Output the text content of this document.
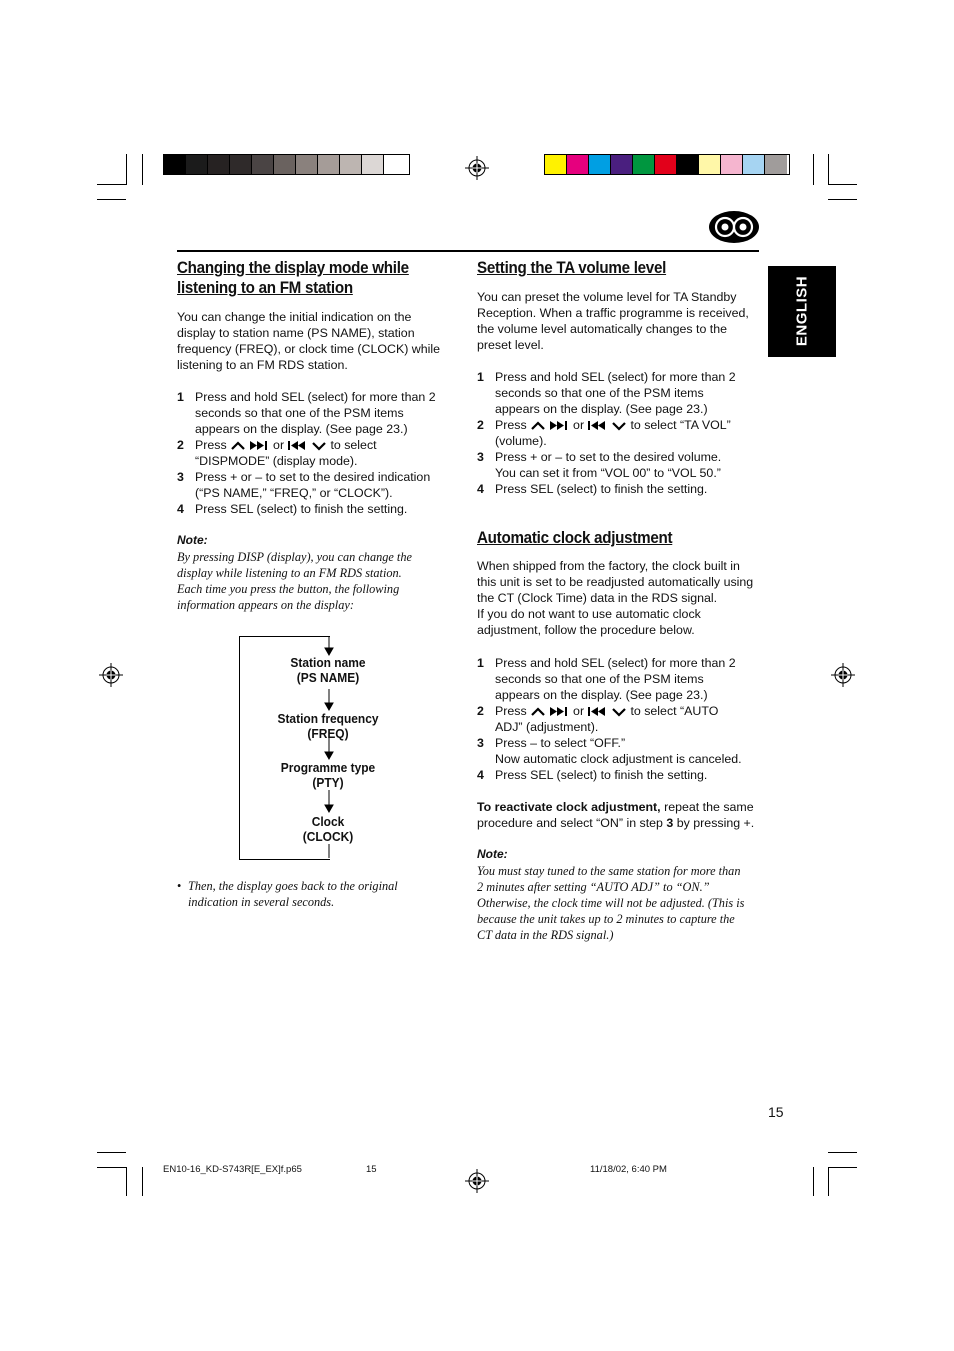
ENGLISH
Changing the display mode while
listening to an FM station

You can change the initial indication on the
display to station name (PS NAME), station
frequency (FREQ), or clock time (CLOCK) while
listening to an FM RDS station.

1 Press and hold SEL (select) for more than 2
seconds so that one of the PSM items
appears on the display. (See page 23.)
2 Press	or	to select
“DISPMODE” (display mode).
3 Press + or – to set to the desired indication
(“PS NAME,” “FREQ,” or “CLOCK”).
4 Press SEL (select) to finish the setting.
Note:
By pressing DISP (display), you can change the
display while listening to an FM RDS station.
Each time you press the button, the following
information appears on the display:
Station name
(PS NAME)
Station frequency
(FREQ)
Programme type
(PTY)
Clock
(CLOCK)
• Then, the display goes back to the original
indication in several seconds.
Setting the TA volume level

You can preset the volume level for TA Standby
Reception. When a traffic programme is received,
the volume level automatically changes to the
preset level.

1 Press and hold SEL (select) for more than 2
seconds so that one of the PSM items
appears on the display. (See page 23.)
2 Press	or	to select “TA VOL”
(volume).
3 Press + or – to set to the desired volume.
You can set it from “VOL 00” to “VOL 50.”
4 Press SEL (select) to finish the setting.
Automatic clock adjustment

When shipped from the factory, the clock built in
this unit is set to be readjusted automatically using
the CT (Clock Time) data in the RDS signal.
If you do not want to use automatic clock
adjustment, follow the procedure below.

1 Press and hold SEL (select) for more than 2
seconds so that one of the PSM items
appears on the display. (See page 23.)
2 Press	or	to select “AUTO
ADJ” (adjustment).
3 Press – to select “OFF.”
Now automatic clock adjustment is canceled.
4 Press SEL (select) to finish the setting.

To reactivate clock adjustment, repeat the same
procedure and select “ON” in step 3 by pressing +.

Note:
You must stay tuned to the same station for more than
2 minutes after setting “AUTO ADJ” to “ON.”
Otherwise, the clock time will not be adjusted. (This is
because the unit takes up to 2 minutes to capture the
CT data in the RDS signal.)
15
EN10-16_KD-S743R[E_EX]f.p65	15	11/18/02, 6:40 PM
